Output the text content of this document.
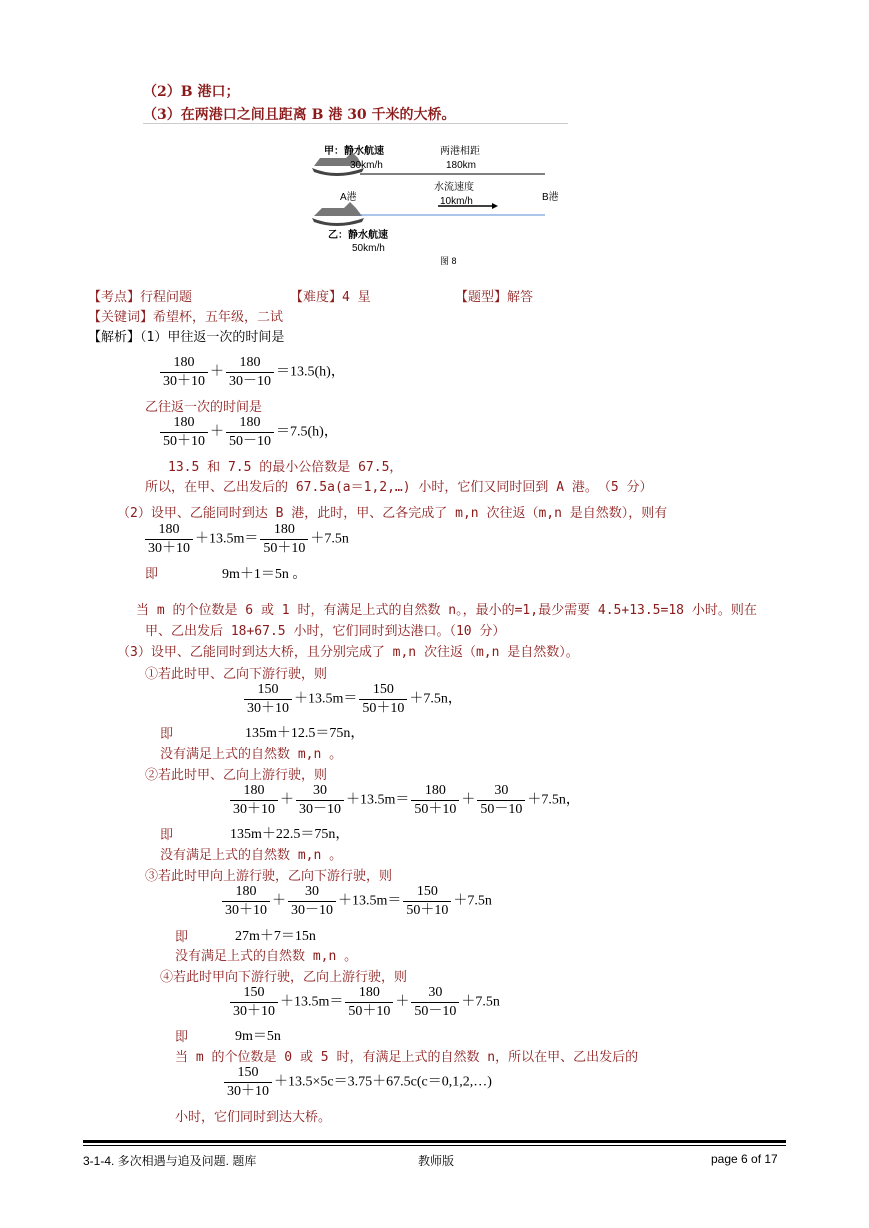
（2）B 港口；
（3）在两港口之间且距离 B 港 30 千米的大桥。
甲：静水航速
30km/h
两港相距
180km
水流速度
10km/h
A港	B港
乙：静水航速
50km/h
图 8
【考点】行程问题	【难度】4 星	【题型】解答
【关键词】希望杯，五年级，二试
【解析】（1）甲往返一次的时间是
$\frac{180}{30+10} + \frac{180}{30-10} =13.5(h)$，
乙往返一次的时间是
$\frac{180}{50+10} + \frac{180}{50-10} =7.5(h)$，
13.5 和 7.5 的最小公倍数是 67.5，
所以，在甲、乙出发后的 67.5a(a＝1,2,…) 小时，它们又同时回到 A 港。　（5 分）
（2）设甲、乙能同时到达 B 港，此时，甲、乙各完成了 m,n 次往返（m,n 是自然数），则有
$\frac{180}{30+10} +13.5m= \frac{180}{50+10} +7.5n$
即	9m＋1＝5n 。
当 m 的个位数是 6 或 1 时，有满足上式的自然数 n。，最小的=1,最少需要 4.5+13.5=18 小时。则在
甲、乙出发后 18+67.5 小时，它们同时到达港口。（10 分）
（3）设甲、乙能同时到达大桥，且分别完成了 m,n 次往返（m,n 是自然数）。
①若此时甲、乙向下游行驶，则
$\frac{150}{30+10} +13.5m= \frac{150}{50+10} +7.5n$，
即	135m＋12.5＝75n，
没有满足上式的自然数 m,n 。
②若此时甲、乙向上游行驶，则
$\frac{180}{30+10} + \frac{30}{30-10} +13.5m= \frac{180}{50+10} + \frac{30}{50-10} +7.5n$，
即	135m＋22.5＝75n，
没有满足上式的自然数 m,n 。
③若此时甲向上游行驶，乙向下游行驶，则
$\frac{180}{30+10} + \frac{30}{30-10} +13.5m= \frac{150}{50+10} +7.5n$
即	27m＋7＝15n
没有满足上式的自然数 m,n 。
④若此时甲向下游行驶，乙向上游行驶，则
$\frac{150}{30+10} +13.5m= \frac{180}{50+10} + \frac{30}{50-10} +7.5n$
即	9m＝5n
当 m 的个位数是 0 或 5 时，有满足上式的自然数 n，所以在甲、乙出发后的
$\frac{150}{30+10}$ ＋13.5×5c＝3.75＋67.5c(c＝0,1,2,…)
小时，它们同时到达大桥。
3-1-4. 多次相遇与追及问题. 题库	教师版	page 6 of 17
